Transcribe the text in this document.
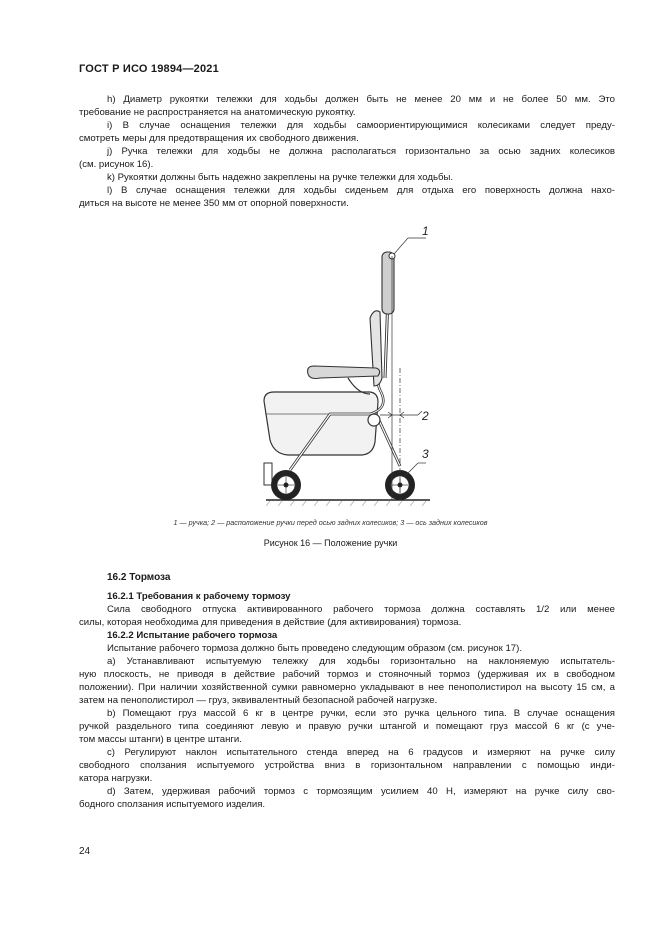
ГОСТ Р ИСО 19894—2021
h) Диаметр рукоятки тележки для ходьбы должен быть не менее 20 мм и не более 50 мм. Это
требование не распространяется на анатомическую рукоятку.
i) В случае оснащения тележки для ходьбы самоориентирующимися колесиками следует преду-
смотреть меры для предотвращения их свободного движения.
j) Ручка тележки для ходьбы не должна располагаться горизонтально за осью задних колесиков
(см. рисунок 16).
k) Рукоятки должны быть надежно закреплены на ручке тележки для ходьбы.
l) В случае оснащения тележки для ходьбы сиденьем для отдыха его поверхность должна нахо-
диться на высоте не менее 350 мм от опорной поверхности.
1
2
3
1 — ручка; 2 — расположение ручки перед осью задних колесиков; 3 — ось задних колесиков
Рисунок 16 — Положение ручки
16.2 Тормоза
16.2.1 Требования к рабочему тормозу
Сила свободного отпуска активированного рабочего тормоза должна составлять 1/2 или менее
силы, которая необходима для приведения в действие (для активирования) тормоза.
16.2.2 Испытание рабочего тормоза
Испытание рабочего тормоза должно быть проведено следующим образом (см. рисунок 17).
a) Устанавливают испытуемую тележку для ходьбы горизонтально на наклоняемую испытатель-
ную плоскость, не приводя в действие рабочий тормоз и стояночный тормоз (удерживая их в свободном
положении). При наличии хозяйственной сумки равномерно укладывают в нее пенополистирол на высоту 15 см, а затем на пенополистирол — груз, эквивалентный безопасной рабочей нагрузке.
b) Помещают груз массой 6 кг в центре ручки, если это ручка цельного типа. В случае оснащения
ручкой раздельного типа соединяют левую и правую ручки штангой и помещают груз массой 6 кг (с уче-
том массы штанги) в центре штанги.
c) Регулируют наклон испытательного стенда вперед на 6 градусов и измеряют на ручке силу
свободного сползания испытуемого устройства вниз в горизонтальном направлении с помощью инди-
катора нагрузки.
d) Затем, удерживая рабочий тормоз с тормозящим усилием 40 Н, измеряют на ручке силу сво-
бодного сползания испытуемого изделия.
24
